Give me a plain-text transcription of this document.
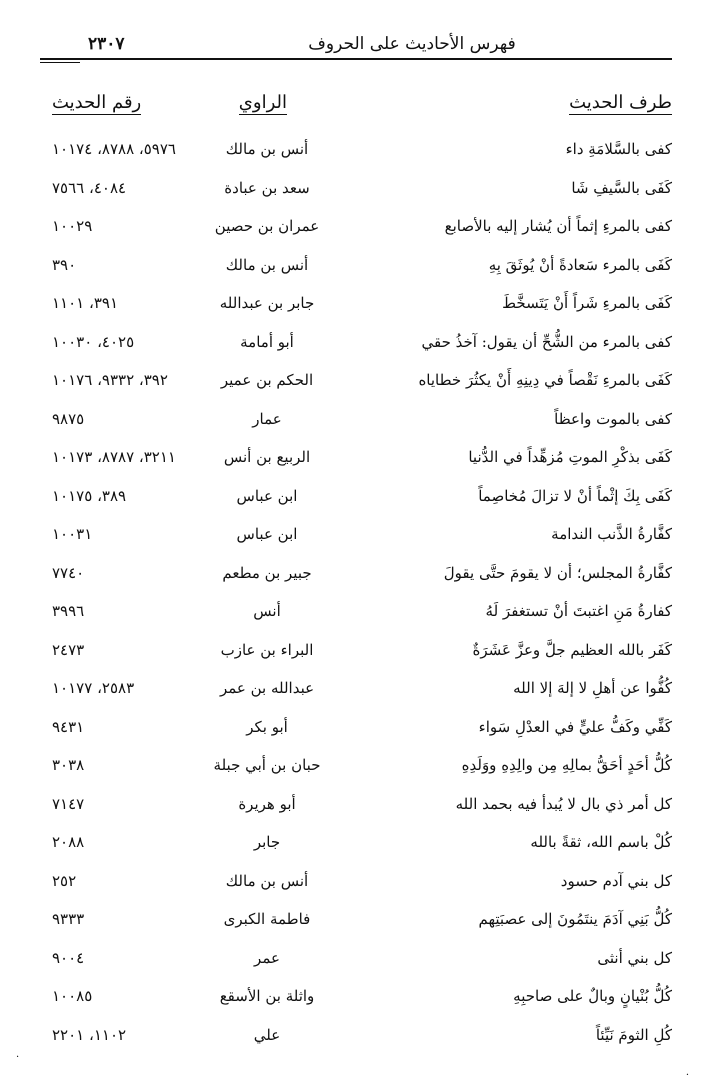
فهرس الأحاديث على الحروف
٢٣٠٧
طرف الحديث
الراوي
رقم الحديث
كفى بالسَّلامَةِ داء
أنس بن مالك
٥٩٧٦، ٨٧٨٨، ١٠١٧٤
كَفَى بالسَّيفِ شَا
سعد بن عبادة
٤٠٨٤، ٧٥٦٦
كفى بالمرءِ إثماً أن يُشار إليه بالأصابع
عمران بن حصين
١٠٠٢٩
كَفَى بالمرء سَعادةً أنْ يُوثَقَ بِهِ
أنس بن مالك
٣٩٠
كَفَى بالمرءِ شَراً أَنْ يَتَسخَّطَ
جابر بن عبدالله
٣٩١، ١١٠١
كفى بالمرء من الشُّحِّ أن يقول: آخذُ حقي
أبو أمامة
٤٠٢٥، ١٠٠٣٠
كَفَى بالمرءِ نَقْصاً في دِينِهِ أَنْ يكثُرَ خطاياه
الحكم بن عمير
٣٩٢، ٩٣٣٢، ١٠١٧٦
كفى بالموت واعظاً
عمار
٩٨٧٥
كَفَى بذكْرِ الموتِ مُزهِّداً في الدُّنيا
الربيع بن أنس
٣٢١١، ٨٧٨٧، ١٠١٧٣
كَفَى بِكَ إثْماً أنْ لا تزالَ مُخاصِماً
ابن عباس
٣٨٩، ١٠١٧٥
كفَّارةُ الذَّنب الندامة
ابن عباس
١٠٠٣١
كفَّارةُ المجلس؛ أن لا يقومَ حتَّى يقولَ
جبير بن مطعم
٧٧٤٠
كفارةُ مَنِ اغتبتَ أنْ تستغفرَ لَهُ
أنس
٣٩٩٦
كَفَر بالله العظيم جلَّ وعزَّ عَشَرَةٌ
البراء بن عازب
٢٤٧٣
كُفُّوا عن أهلِ لا إلهَ إلا الله
عبدالله بن عمر
٢٥٨٣، ١٠١٧٧
كَفِّي وكَفُّ عليٍّ في العدْلِ سَواء
أبو بكر
٩٤٣١
كُلُّ أحَدٍ أحَقُّ بمالِهِ مِن والِدِهِ ووَلَدِهِ
حبان بن أبي جبلة
٣٠٣٨
كل أمر ذي بال لا يُبدأ فيه بحمد الله
أبو هريرة
٧١٤٧
كُلْ باسم الله، ثقةً بالله
جابر
٢٠٨٨
كل بني آدم حسود
أنس بن مالك
٢٥٢
كُلُّ بَنِي آدَمَ ينتَمُونَ إلى عصبَتِهم
فاطمة الكبرى
٩٣٣٣
كل بني أنثى
عمر
٩٠٠٤
كُلُّ بُنْيانٍ وبالٌ على صاحبِهِ
واثلة بن الأسقع
١٠٠٨٥
كُلِ الثومَ نَيِّئاً
علي
١١٠٢، ٢٢٠١
·
·
